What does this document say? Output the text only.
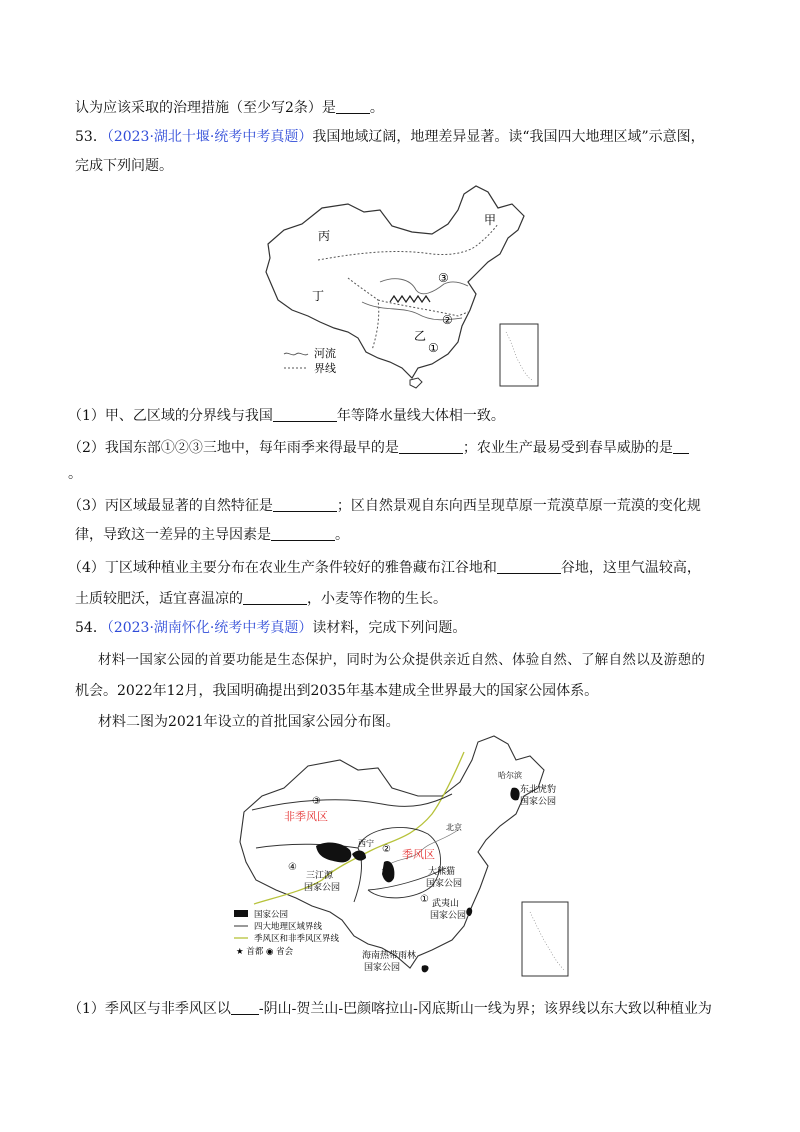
认为应该采取的治理措施（至少写2条）是 。
53．（2023·湖北十堰·统考中考真题）我国地域辽阔，地理差异显著。读“我国四大地理区域”示意图，
完成下列问题。
丙
甲
丁
乙
③
②
①
河流
界线
（1）甲、乙区域的分界线与我国	年等降水量线大体相一致。
（2）我国东部①②③三地中，每年雨季来得最早的是	；农业生产最易受到春旱威胁的是
。
（3）丙区域最显著的自然特征是	；区自然景观自东向西呈现草原一荒漠草原一荒漠的变化规
律，导致这一差异的主导因素是	。
（4）丁区域种植业主要分布在农业生产条件较好的雅鲁藏布江谷地和	谷地，这里气温较高，
土质较肥沃，适宜喜温凉的	，小麦等作物的生长。
54．（2023·湖南怀化·统考中考真题）读材料，完成下列问题。
材料一国家公园的首要功能是生态保护，同时为公众提供亲近自然、体验自然、了解自然以及游憩的
机会。2022年12月，我国明确提出到2035年基本建成全世界最大的国家公园体系。
材料二图为2021年设立的首批国家公园分布图。
非季风区
季风区
③
④
②
①
哈尔滨
北京
西宁
东北虎豹
国家公园
三江源
国家公园
大熊猫
国家公园
武夷山
国家公园
海南热带雨林
国家公园
国家公园
四大地理区域界线
季风区和非季风区界线
★ 首都 ◉ 省会
（1）季风区与非季风区以 -阴山-贺兰山-巴颜喀拉山-冈底斯山一线为界；该界线以东大致以种植业为
